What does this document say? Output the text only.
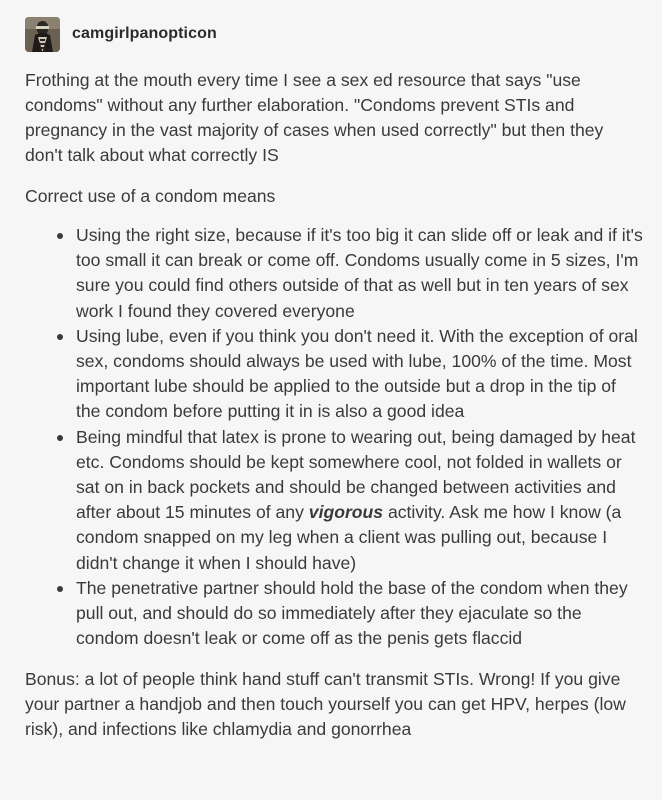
camgirlpanopticon

Frothing at the mouth every time I see a sex ed resource that says "use condoms" without any further elaboration. "Condoms prevent STIs and pregnancy in the vast majority of cases when used correctly" but then they don't talk about what correctly IS

Correct use of a condom means

Using the right size, because if it's too big it can slide off or leak and if it's too small it can break or come off. Condoms usually come in 5 sizes, I'm sure you could find others outside of that as well but in ten years of sex work I found they covered everyone
Using lube, even if you think you don't need it. With the exception of oral sex, condoms should always be used with lube, 100% of the time. Most important lube should be applied to the outside but a drop in the tip of the condom before putting it in is also a good idea
Being mindful that latex is prone to wearing out, being damaged by heat etc. Condoms should be kept somewhere cool, not folded in wallets or sat on in back pockets and should be changed between activities and after about 15 minutes of any vigorous activity. Ask me how I know (a condom snapped on my leg when a client was pulling out, because I didn't change it when I should have)
The penetrative partner should hold the base of the condom when they pull out, and should do so immediately after they ejaculate so the condom doesn't leak or come off as the penis gets flaccid

Bonus: a lot of people think hand stuff can't transmit STIs. Wrong! If you give your partner a handjob and then touch yourself you can get HPV, herpes (low risk), and infections like chlamydia and gonorrhea
